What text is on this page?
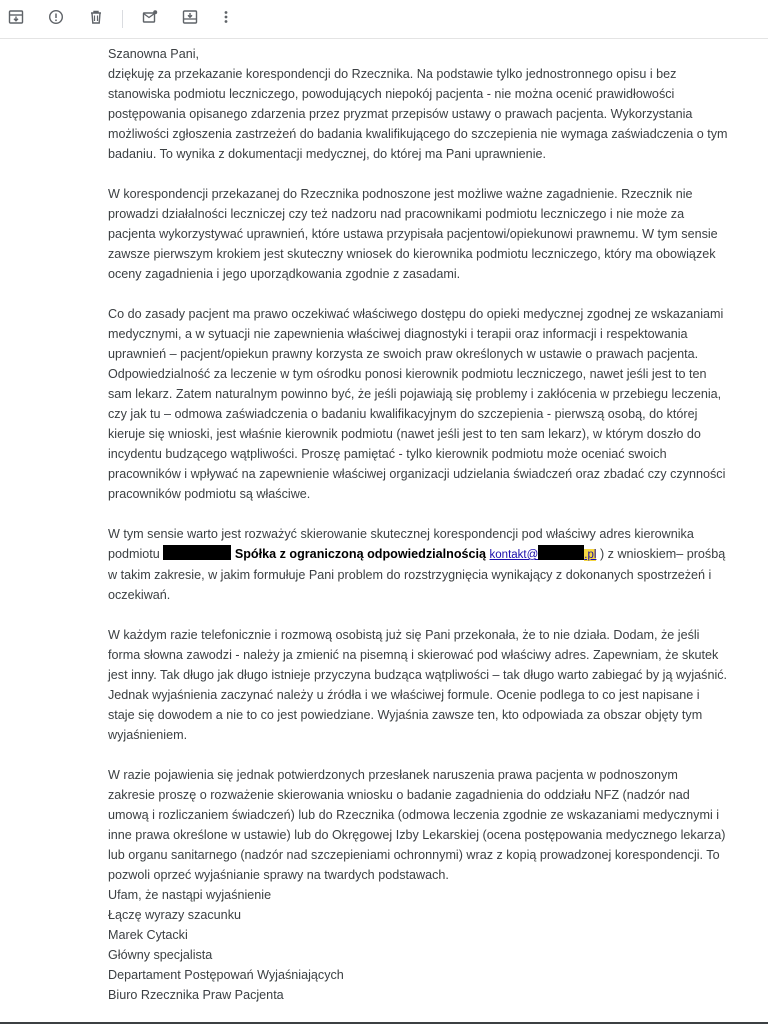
Szanowna Pani,

dziękuję za przekazanie korespondencji do Rzecznika. Na podstawie tylko jednostronnego opisu i bez stanowiska podmiotu leczniczego, powodujących niepokój pacjenta - nie można ocenić prawidłowości postępowania opisanego zdarzenia przez pryzmat przepisów ustawy o prawach pacjenta. Wykorzystania możliwości zgłoszenia zastrzeżeń do badania kwalifikującego do szczepienia nie wymaga zaświadczenia o tym badaniu. To wynika z dokumentacji medycznej, do której ma Pani uprawnienie.

W korespondencji przekazanej do Rzecznika podnoszone jest możliwe ważne zagadnienie. Rzecznik nie prowadzi działalności leczniczej czy też nadzoru nad pracownikami podmiotu leczniczego i nie może za pacjenta wykorzystywać uprawnień, które ustawa przypisała pacjentowi/opiekunowi prawnemu. W tym sensie zawsze pierwszym krokiem jest skuteczny wniosek do kierownika podmiotu leczniczego, który ma obowiązek oceny zagadnienia i jego uporządkowania zgodnie z zasadami.

Co do zasady pacjent ma prawo oczekiwać właściwego dostępu do opieki medycznej zgodnej ze wskazaniami medycznymi, a w sytuacji nie zapewnienia właściwej diagnostyki i terapii oraz informacji i respektowania uprawnień – pacjent/opiekun prawny korzysta ze swoich praw określonych w ustawie o prawach pacjenta. Odpowiedzialność za leczenie w tym ośrodku ponosi kierownik podmiotu leczniczego, nawet jeśli jest to ten sam lekarz. Zatem naturalnym powinno być, że jeśli pojawiają się problemy i zakłócenia w przebiegu leczenia, czy jak tu – odmowa zaświadczenia o badaniu kwalifikacyjnym do szczepienia - pierwszą osobą, do której kieruje się wnioski, jest właśnie kierownik podmiotu (nawet jeśli jest to ten sam lekarz), w którym doszło do incydentu budzącego wątpliwości. Proszę pamiętać - tylko kierownik podmiotu może oceniać swoich pracowników i wpływać na zapewnienie właściwej organizacji udzielania świadczeń oraz zbadać czy czynności pracowników podmiotu są właściwe.

W tym sensie warto jest rozważyć skierowanie skutecznej korespondencji pod właściwy adres kierownika podmiotu	Spółka z ograniczoną odpowiedzialnością kontakt@	.pl ) z wnioskiem– prośbą w takim zakresie, w jakim formułuje Pani problem do rozstrzygnięcia wynikający z dokonanych spostrzeżeń i oczekiwań.

W każdym razie telefonicznie i rozmową osobistą już się Pani przekonała, że to nie działa. Dodam, że jeśli forma słowna zawodzi - należy ja zmienić na pisemną i skierować pod właściwy adres. Zapewniam, że skutek jest inny. Tak długo jak długo istnieje przyczyna budząca wątpliwości – tak długo warto zabiegać by ją wyjaśnić. Jednak wyjaśnienia zaczynać należy u źródła i we właściwej formule. Ocenie podlega to co jest napisane i staje się dowodem a nie to co jest powiedziane. Wyjaśnia zawsze ten, kto odpowiada za obszar objęty tym wyjaśnieniem.

W razie pojawienia się jednak potwierdzonych przesłanek naruszenia prawa pacjenta w podnoszonym zakresie proszę o rozważenie skierowania wniosku o badanie zagadnienia do oddziału NFZ (nadzór nad umową i rozliczaniem świadczeń) lub do Rzecznika (odmowa leczenia zgodnie ze wskazaniami medycznymi i inne prawa określone w ustawie) lub do Okręgowej Izby Lekarskiej (ocena postępowania medycznego lekarza) lub organu sanitarnego (nadzór nad szczepieniami ochronnymi) wraz z kopią prowadzonej korespondencji. To pozwoli oprzeć wyjaśnianie sprawy na twardych podstawach.

Ufam, że nastąpi wyjaśnienie

Łączę wyrazy szacunku

Marek Cytacki

Główny specjalista

Departament Postępowań Wyjaśniających

Biuro Rzecznika Praw Pacjenta
